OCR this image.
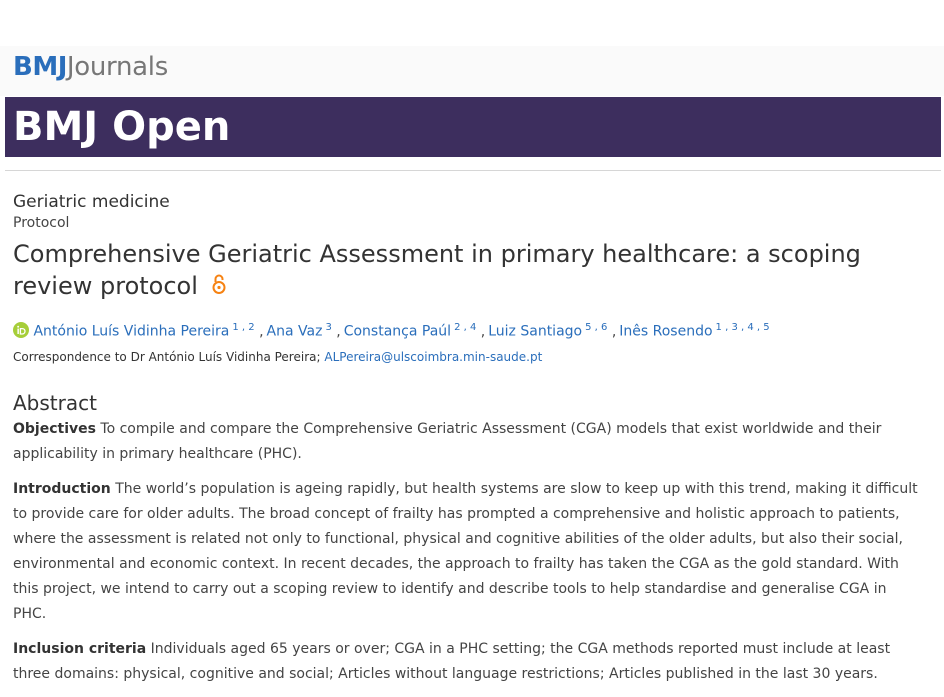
BMJJournals
BMJ Open
Geriatric medicine
Protocol
Comprehensive Geriatric Assessment in primary healthcare: a scoping review protocol
António Luís Vidinha Pereira $^{1 , 2}$ , Ana Vaz $^3$ , Constança Paúl $^{2 , 4}$ , Luiz Santiago $^{5 , 6}$ , Inês Rosendo $^{1 , 3 , 4 , 5}$
Correspondence to Dr António Luís Vidinha Pereira; ALPereira@ulscoimbra.min-saude.pt
Abstract

Objectives To compile and compare the Comprehensive Geriatric Assessment (CGA) models that exist worldwide and their applicability in primary healthcare (PHC).

Introduction The world’s population is ageing rapidly, but health systems are slow to keep up with this trend, making it difficult to provide care for older adults. The broad concept of frailty has prompted a comprehensive and holistic approach to patients, where the assessment is related not only to functional, physical and cognitive abilities of the older adults, but also their social, environmental and economic context. In recent decades, the approach to frailty has taken the CGA as the gold standard. With this project, we intend to carry out a scoping review to identify and describe tools to help standardise and generalise CGA in PHC.

Inclusion criteria Individuals aged 65 years or over; CGA in a PHC setting; the CGA methods reported must include at least three domains: physical, cognitive and social; Articles without language restrictions; Articles published in the last 30 years.
